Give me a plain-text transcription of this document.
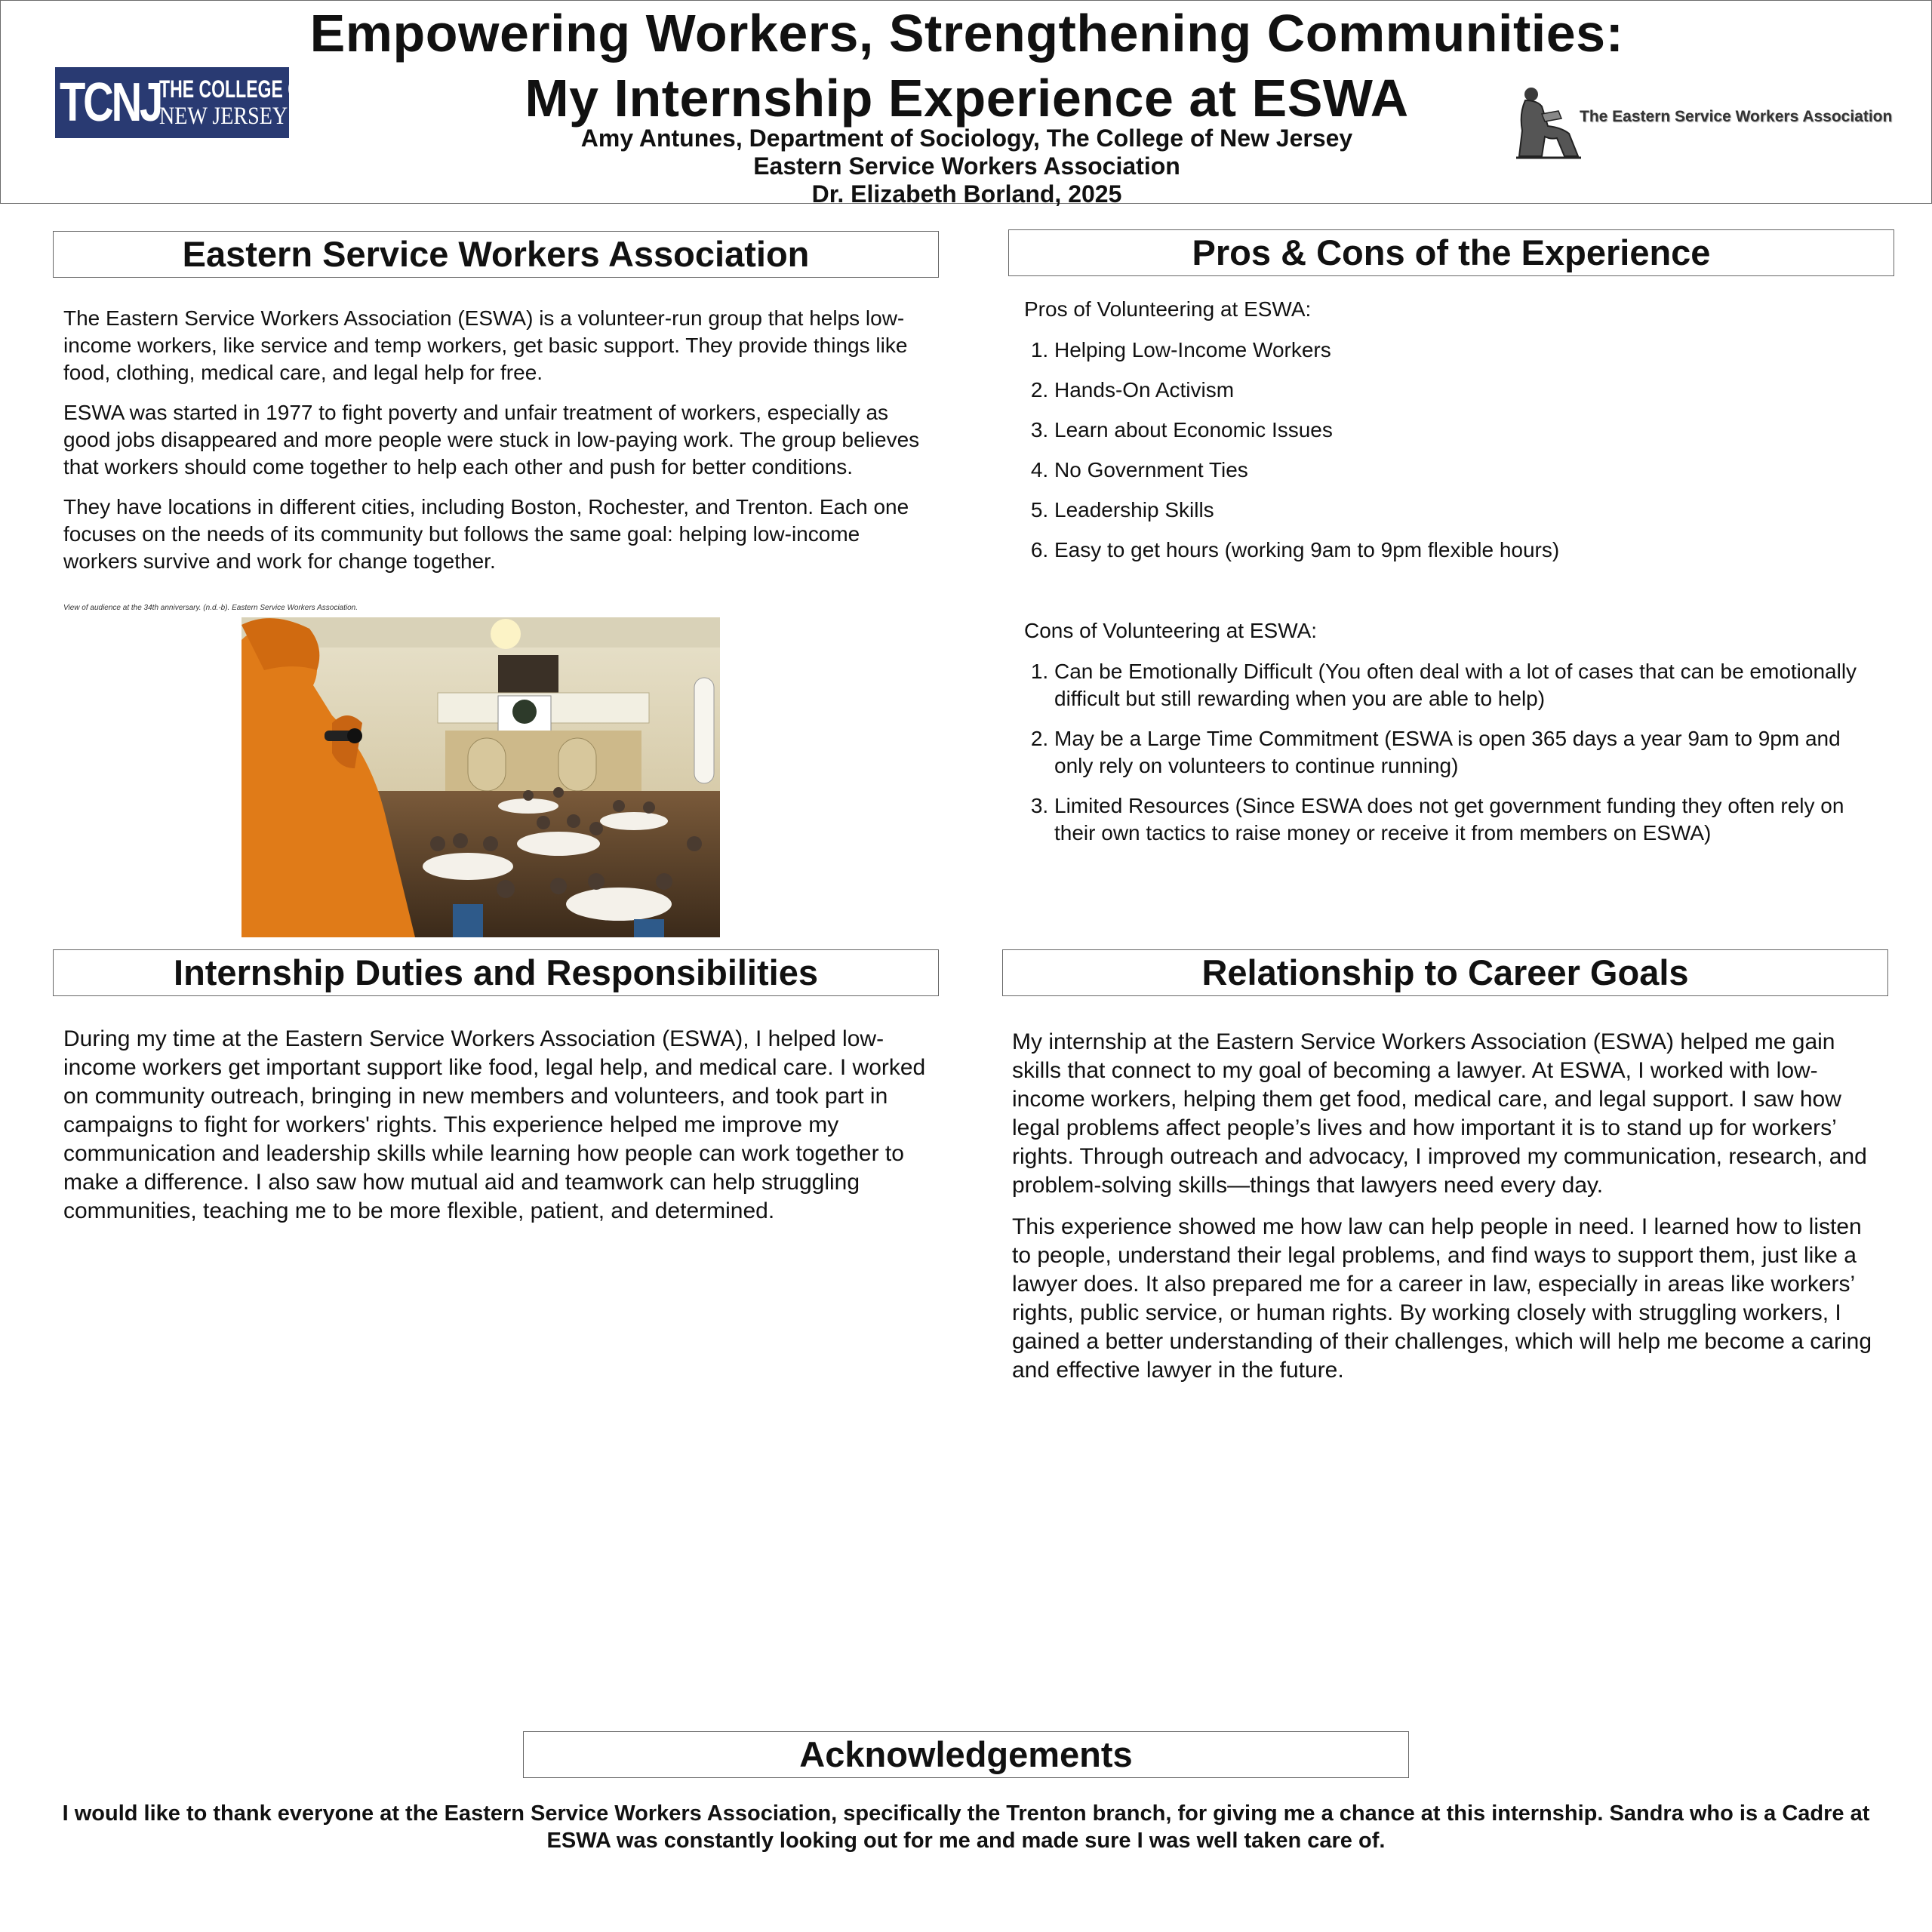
TCNJ
THE COLLEGE OF
NEW JERSEY
Empowering Workers, Strengthening Communities:
My Internship Experience at ESWA
Amy Antunes, Department of Sociology, The College of New Jersey
Eastern Service Workers Association
Dr. Elizabeth Borland, 2025
The Eastern Service Workers Association
Eastern Service Workers Association

The Eastern Service Workers Association (ESWA) is a volunteer-run group that helps low-income workers, like service and temp workers, get basic support. They provide things like food, clothing, medical care, and legal help for free.

ESWA was started in 1977 to fight poverty and unfair treatment of workers, especially as good jobs disappeared and more people were stuck in low-paying work. The group believes that workers should come together to help each other and push for better conditions.

They have locations in different cities, including Boston, Rochester, and Trenton. Each one focuses on the needs of its community but follows the same goal: helping low-income workers survive and work for change together.

View of audience at the 34th anniversary. (n.d.-b). Eastern Service Workers Association.
Pros & Cons of the Experience

Pros of Volunteering at ESWA:

1. Helping Low-Income Workers
2. Hands-On Activism
3. Learn about Economic Issues
4. No Government Ties
5. Leadership Skills
6. Easy to get hours (working 9am to 9pm flexible hours)

Cons of Volunteering at ESWA:

1. Can be Emotionally Difficult (You often deal with a lot of cases that can be emotionally difficult but still rewarding when you are able to help)
2. May be a Large Time Commitment (ESWA is open 365 days a year 9am to 9pm and only rely on volunteers to continue running)
3. Limited Resources (Since ESWA does not get government funding they often rely on their own tactics to raise money or receive it from members on ESWA)
Internship Duties and Responsibilities

During my time at the Eastern Service Workers Association (ESWA), I helped low-income workers get important support like food, legal help, and medical care. I worked on community outreach, bringing in new members and volunteers, and took part in campaigns to fight for workers' rights. This experience helped me improve my communication and leadership skills while learning how people can work together to make a difference. I also saw how mutual aid and teamwork can help struggling communities, teaching me to be more flexible, patient, and determined.

Relationship to Career Goals

My internship at the Eastern Service Workers Association (ESWA) helped me gain skills that connect to my goal of becoming a lawyer. At ESWA, I worked with low-income workers, helping them get food, medical care, and legal support. I saw how legal problems affect people’s lives and how important it is to stand up for workers’ rights. Through outreach and advocacy, I improved my communication, research, and problem-solving skills—things that lawyers need every day.

This experience showed me how law can help people in need. I learned how to listen to people, understand their legal problems, and find ways to support them, just like a lawyer does. It also prepared me for a career in law, especially in areas like workers’ rights, public service, or human rights. By working closely with struggling workers, I gained a better understanding of their challenges, which will help me become a caring and effective lawyer in the future.

Acknowledgements
I would like to thank everyone at the Eastern Service Workers Association, specifically the Trenton branch, for giving me a chance at this internship. Sandra who is a Cadre at ESWA was constantly looking out for me and made sure I was well taken care of.
